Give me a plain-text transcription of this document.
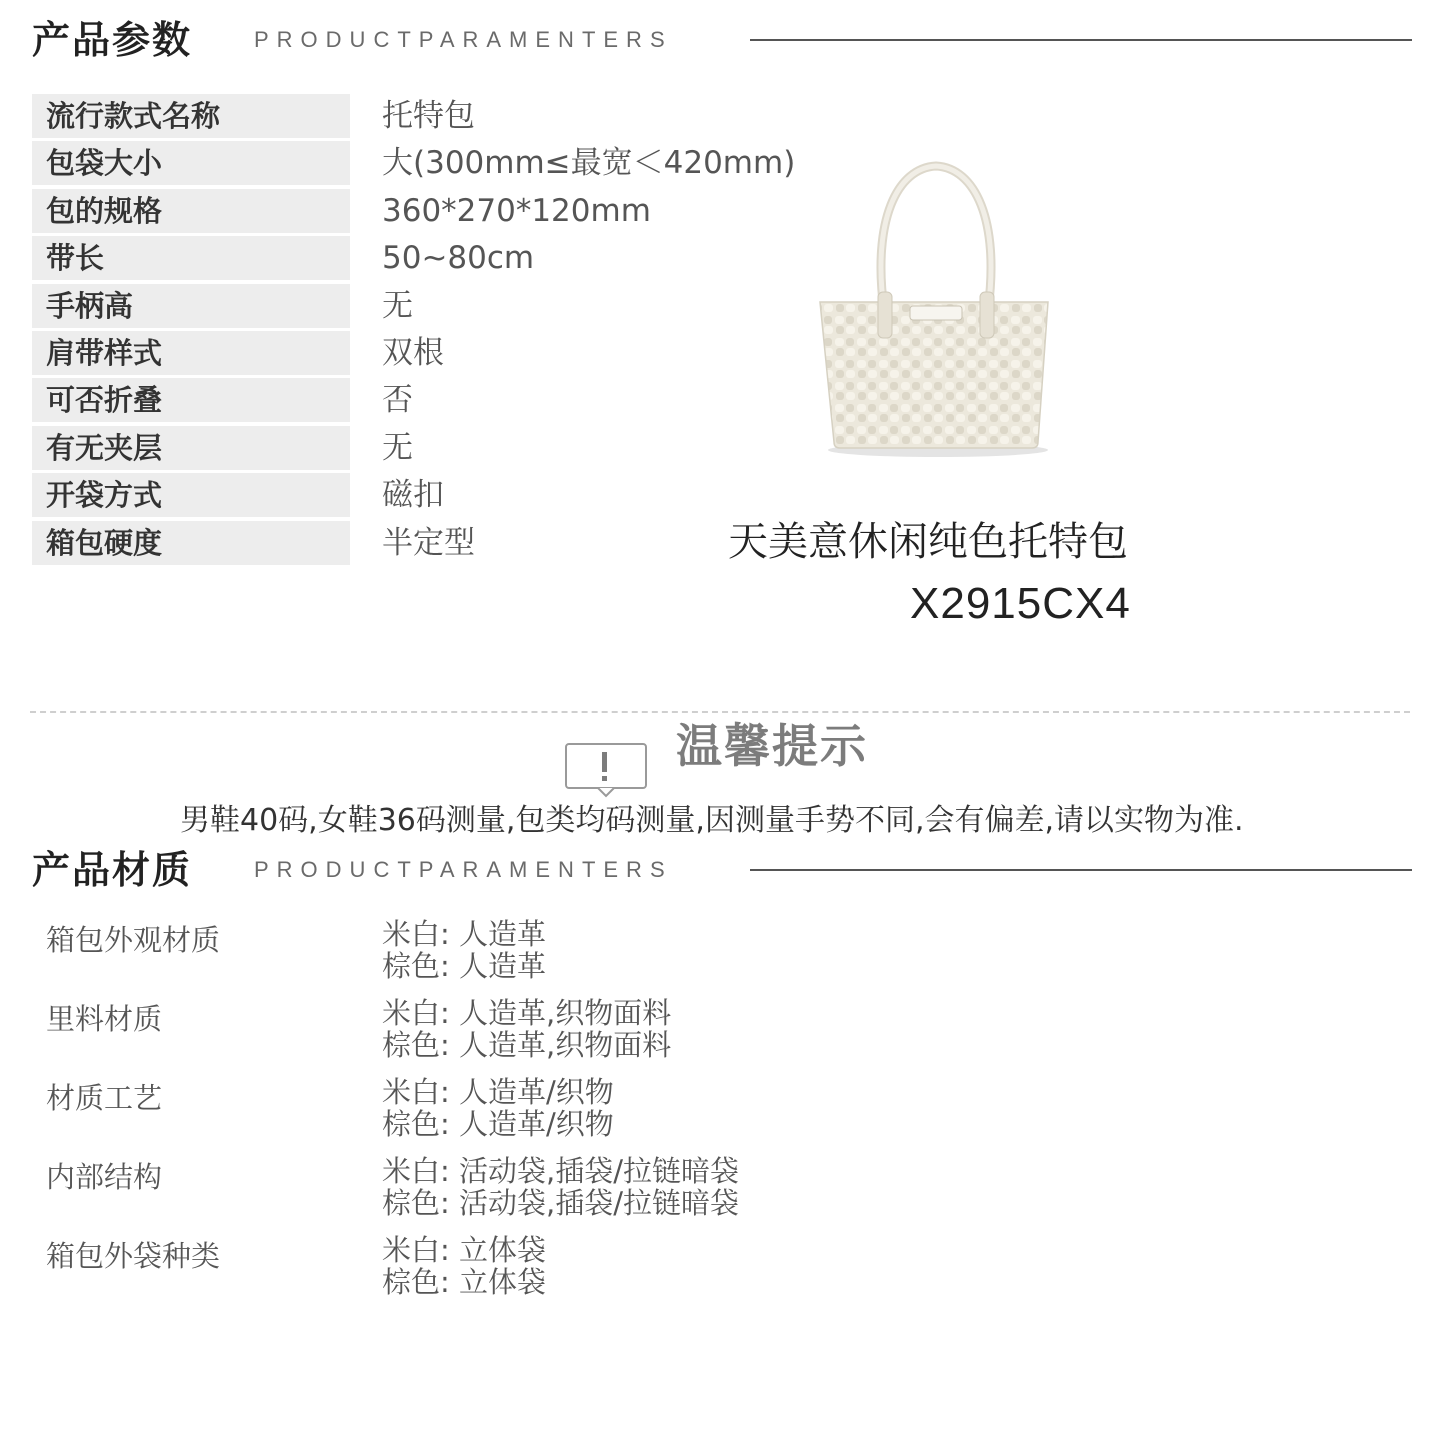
产品参数	PRODUCTPARAMENTERS
流行款式名称	托特包
包袋大小	大(300mm≤最宽＜420mm)
包的规格	360*270*120mm
带长	50~80cm
手柄高	无
肩带样式	双根
可否折叠	否
有无夹层	无
开袋方式	磁扣
箱包硬度	半定型	天美意休闲纯色托特包
X2915CX4
温馨提示
男鞋40码,女鞋36码测量,包类均码测量,因测量手势不同,会有偏差,请以实物为准.
产品材质	PRODUCTPARAMENTERS
箱包外观材质	米白: 人造革
棕色: 人造革
里料材质	米白: 人造革,织物面料
棕色: 人造革,织物面料
材质工艺	米白: 人造革/织物
棕色: 人造革/织物
内部结构	米白: 活动袋,插袋/拉链暗袋
棕色: 活动袋,插袋/拉链暗袋
箱包外袋种类	米白: 立体袋
棕色: 立体袋
